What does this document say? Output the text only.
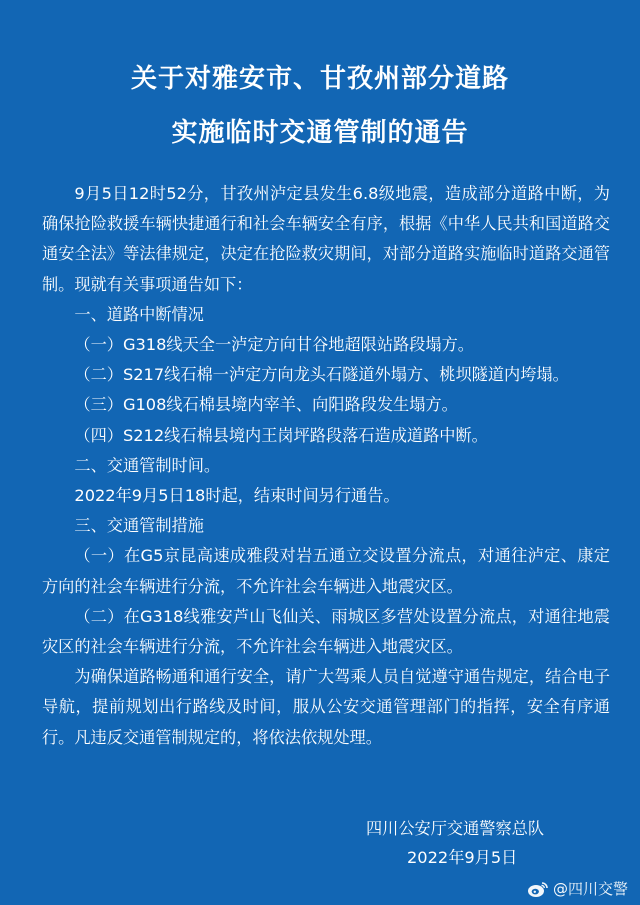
关于对雅安市、甘孜州部分道路
实施临时交通管制的通告

9月5日12时52分，甘孜州泸定县发生6.8级地震，造成部分道路中断，为确保抢险救援车辆快捷通行和社会车辆安全有序，根据《中华人民共和国道路交通安全法》等法律规定，决定在抢险救灾期间，对部分道路实施临时道路交通管制。现就有关事项通告如下：

一、道路中断情况

（一）G318线天全一泸定方向甘谷地超限站路段塌方。

（二）S217线石棉一泸定方向龙头石隧道外塌方、桃坝隧道内垮塌。

（三）G108线石棉县境内宰羊、向阳路段发生塌方。

（四）S212线石棉县境内王岗坪路段落石造成道路中断。

二、交通管制时间。

2022年9月5日18时起，结束时间另行通告。

三、交通管制措施

（一）在G5京昆高速成雅段对岩五通立交设置分流点，对通往泸定、康定方向的社会车辆进行分流，不允许社会车辆进入地震灾区。

（二）在G318线雅安芦山飞仙关、雨城区多营处设置分流点，对通往地震灾区的社会车辆进行分流，不允许社会车辆进入地震灾区。

为确保道路畅通和通行安全，请广大驾乘人员自觉遵守通告规定，结合电子导航，提前规划出行路线及时间，服从公安交通管理部门的指挥，安全有序通行。凡违反交通管制规定的，将依法依规处理。

四川公安厅交通警察总队
2022年9月5日
@四川交警
